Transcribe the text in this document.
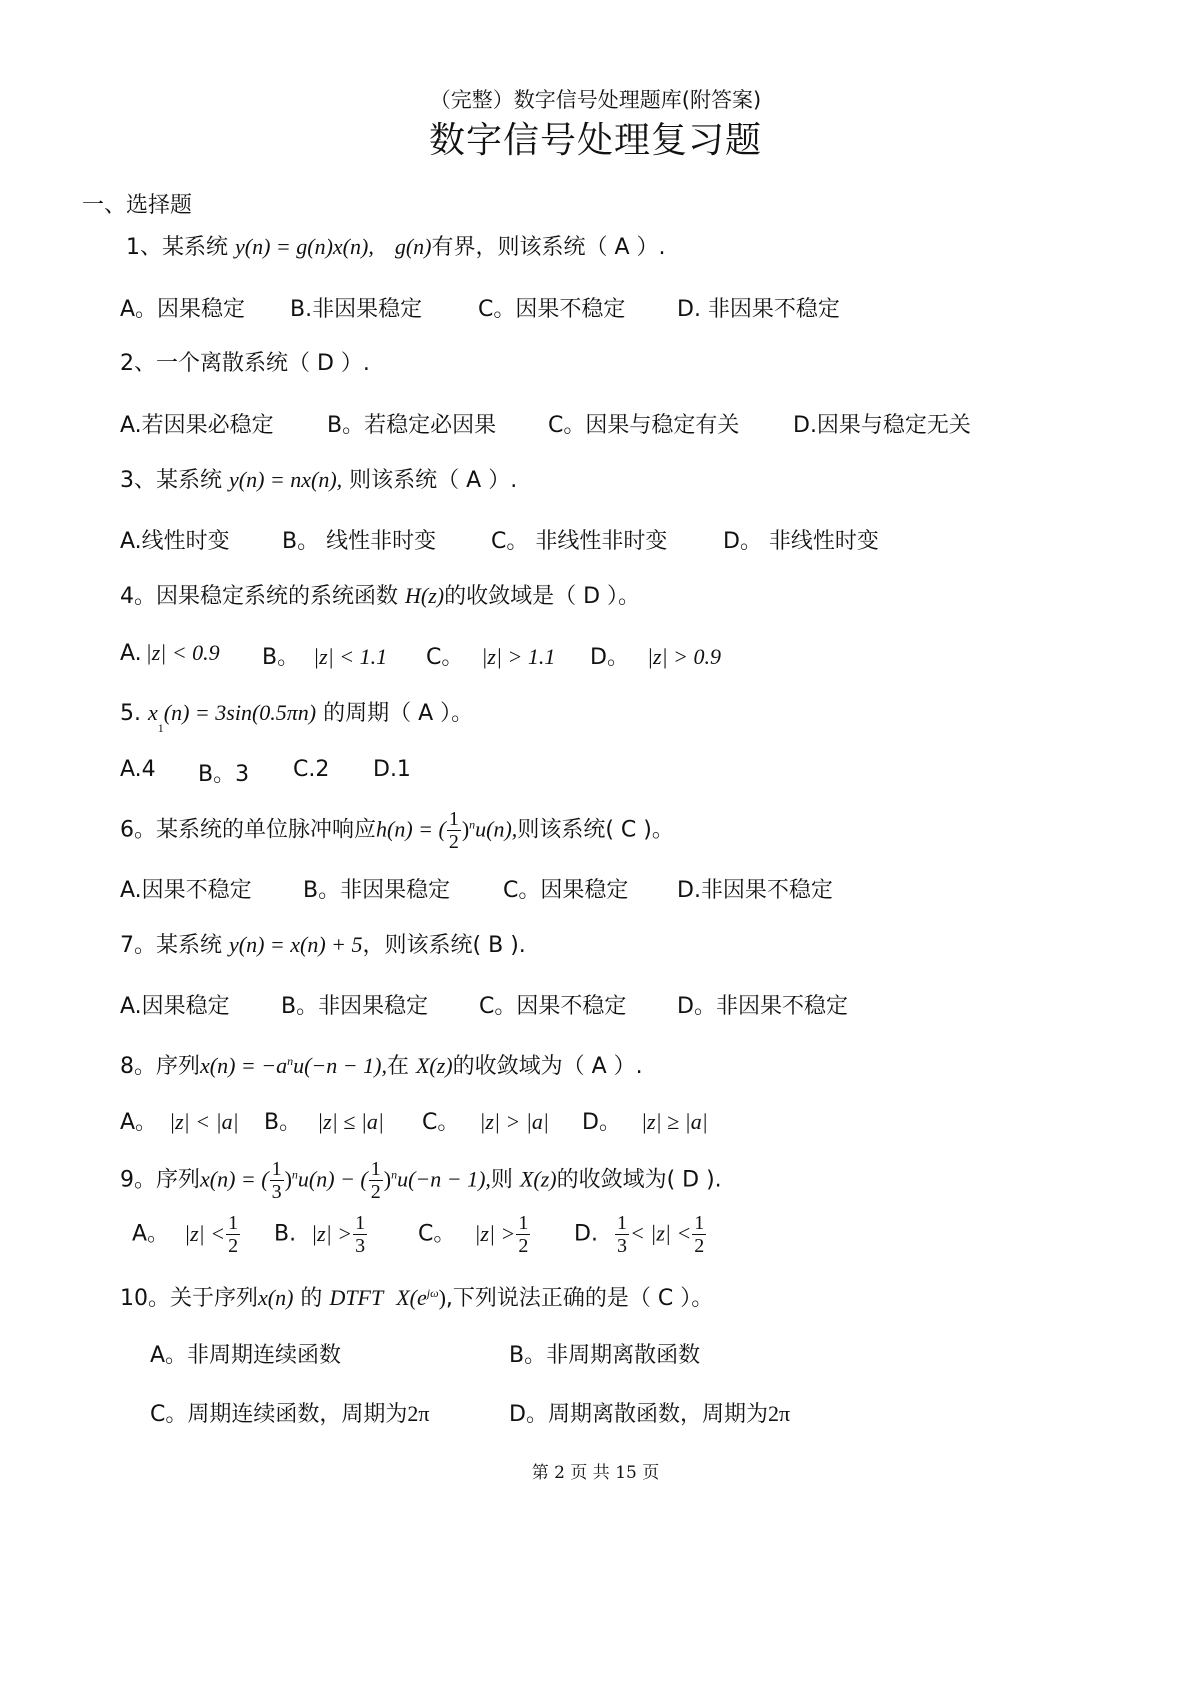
（完整）数字信号处理题库(附答案)
数字信号处理复习题
一、选择题
1、某系统 y(n) = g(n)x(n), g(n)有界，则该系统（ A ）.
A。因果稳定 B.非因果稳定	C。因果不稳定 D. 非因果不稳定
2、一个离散系统（ D ）.
A.若因果必稳定 B。若稳定必因果 C。因果与稳定有关 D.因果与稳定无关
3、某系统 y(n) = nx(n), 则该系统（ A ）.
A.线性时变 B。 线性非时变 C。 非线性非时变	D。 非线性时变
4。因果稳定系统的系统函数 H(z)的收敛域是（ D ）。
A. |z| < 0.9 B。 |z| < 1.1 C。 |z| > 1.1 D。 |z| > 0.9
5. $x_1(n) = 3\sin(0.5\pi n)$ 的周期（ A ）。
A.4 B。3 C.2 D.1
6。某系统的单位脉冲响应h(n) = ( $\frac{1}{2} )^nu(n)$,则该系统( C )。
A.因果不稳定 B。非因果稳定 C。因果稳定 D.非因果不稳定
7。某系统 y(n) = x(n) + 5，则该系统( B ).
A.因果稳定 B。非因果稳定 C。因果不稳定 D。非因果不稳定
8。序列$x(n) = -a^nu(-n - 1)$,在 X(z)的收敛域为（ A ）.
A。 |z| < |a| B。 |z| ≤ |a| C。 |z| > |a| D。 |z| ≥ |a|
9。序列x(n) = ( $\frac{1}{3} )^nu(n)$ − ( $\frac{1}{2} )^nu(-n - 1)$,则 X(z)的收敛域为( D ).
A。 $|z| < \frac{1}{2} B$. $|z| > \frac{1}{3}$ C。 $|z| > \frac{1}{2} D$. $\frac{1}{3} < |z| < \frac{1}{2}$
10。关于序列x(n) 的 DTFT $X(e^{j\omega})$,下列说法正确的是（ C ）。
A。非周期连续函数	B。非周期离散函数
C。周期连续函数，周期为2π	D。周期离散函数，周期为2π
第 2 页 共 15 页
